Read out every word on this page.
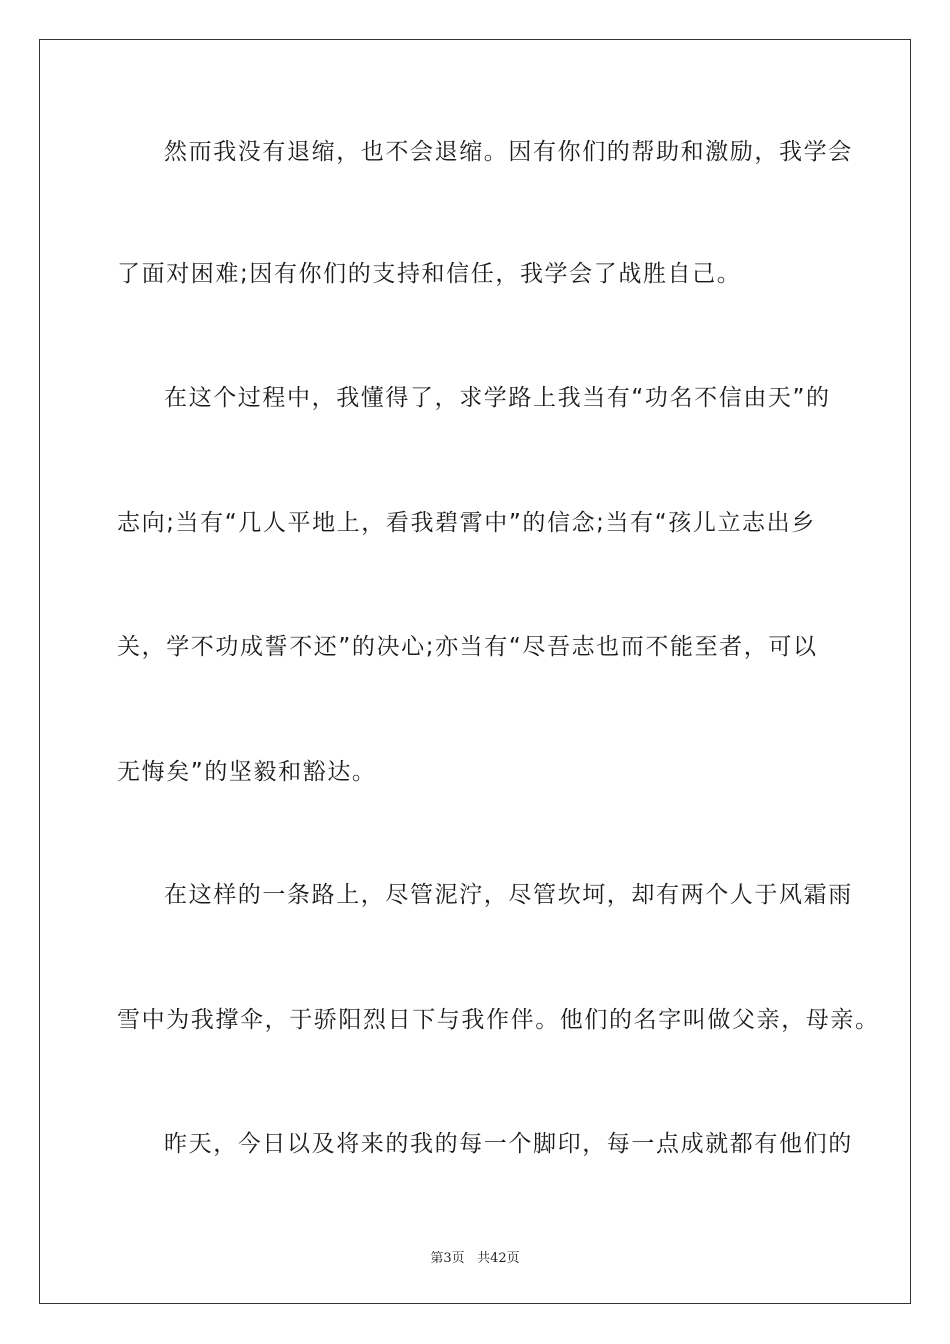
然而我没有退缩，也不会退缩。因有你们的帮助和激励，我学会
了面对困难;因有你们的支持和信任，我学会了战胜自己。
在这个过程中，我懂得了，求学路上我当有“功名不信由天”的
志向;当有“几人平地上，看我碧霄中”的信念;当有“孩儿立志出乡
关，学不功成誓不还”的决心;亦当有“尽吾志也而不能至者，可以
无悔矣”的坚毅和豁达。
在这样的一条路上，尽管泥泞，尽管坎坷，却有两个人于风霜雨
雪中为我撑伞，于骄阳烈日下与我作伴。他们的名字叫做父亲，母亲。
昨天，今日以及将来的我的每一个脚印，每一点成就都有他们的
第3页 共42页
